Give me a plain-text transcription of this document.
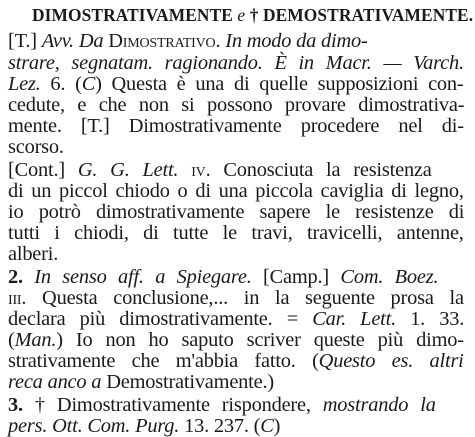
DIMOSTRATIVAMENTE e † DEMOSTRATIVAMENTE.
[T.] Avv. Da Dimostrativo. In modo da dimo-
strare, segnatam. ragionando. È in Macr. — Varch.
Lez. 6. (C) Questa è una di quelle supposizioni con-
cedute, e che non si possono provare dimostrativa-
mente. [T.] Dimostrativamente procedere nel di-
scorso.
[Cont.] G. G. Lett. iv. Conosciuta la resistenza
di un piccol chiodo o di una piccola caviglia di legno,
io potrò dimostrativamente sapere le resistenze di
tutti i chiodi, di tutte le travi, travicelli, antenne,
alberi.
2. In senso aff. a Spiegare. [Camp.] Com. Boez.
iii. Questa conclusione,... in la seguente prosa la
declara più dimostrativamente. = Car. Lett. 1. 33.
(Man.) Io non ho saputo scriver queste più dimo-
strativamente che m'abbia fatto. (Questo es. altri
reca anco a Demostrativamente.)
3. † Dimostrativamente rispondere, mostrando la
pers. Ott. Com. Purg. 13. 237. (C)
